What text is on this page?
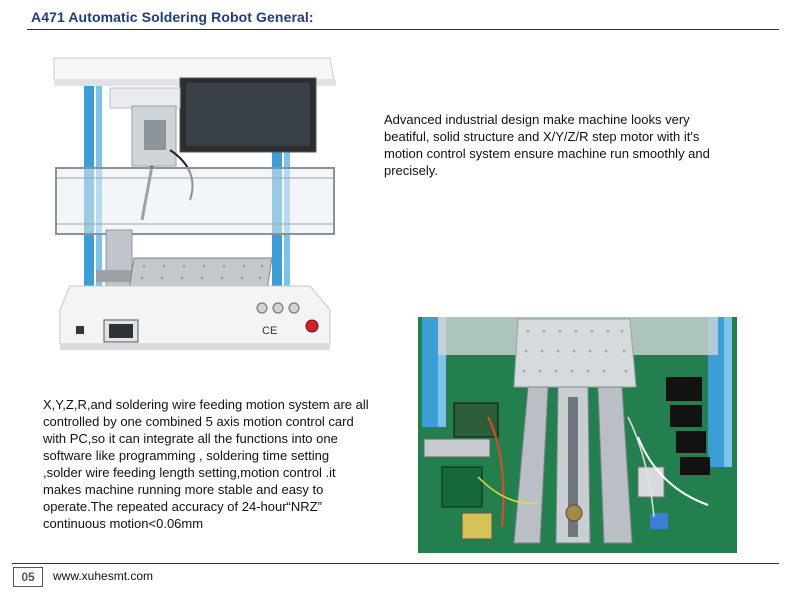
A471 Automatic Soldering Robot General:
CE
Advanced industrial design make machine looks very beatiful, solid structure and X/Y/Z/R step motor with it's motion control system ensure machine run smoothly and precisely.
X,Y,Z,R,and soldering wire feeding motion system are all controlled by one combined 5 axis motion control card with PC,so it can integrate all the functions into one software like programming , soldering time setting ,solder wire feeding length setting,motion control .it makes machine running more stable and easy to operate.The repeated accuracy of 24-hour“NRZ” continuous motion<0.06mm
05	www.xuhesmt.com
